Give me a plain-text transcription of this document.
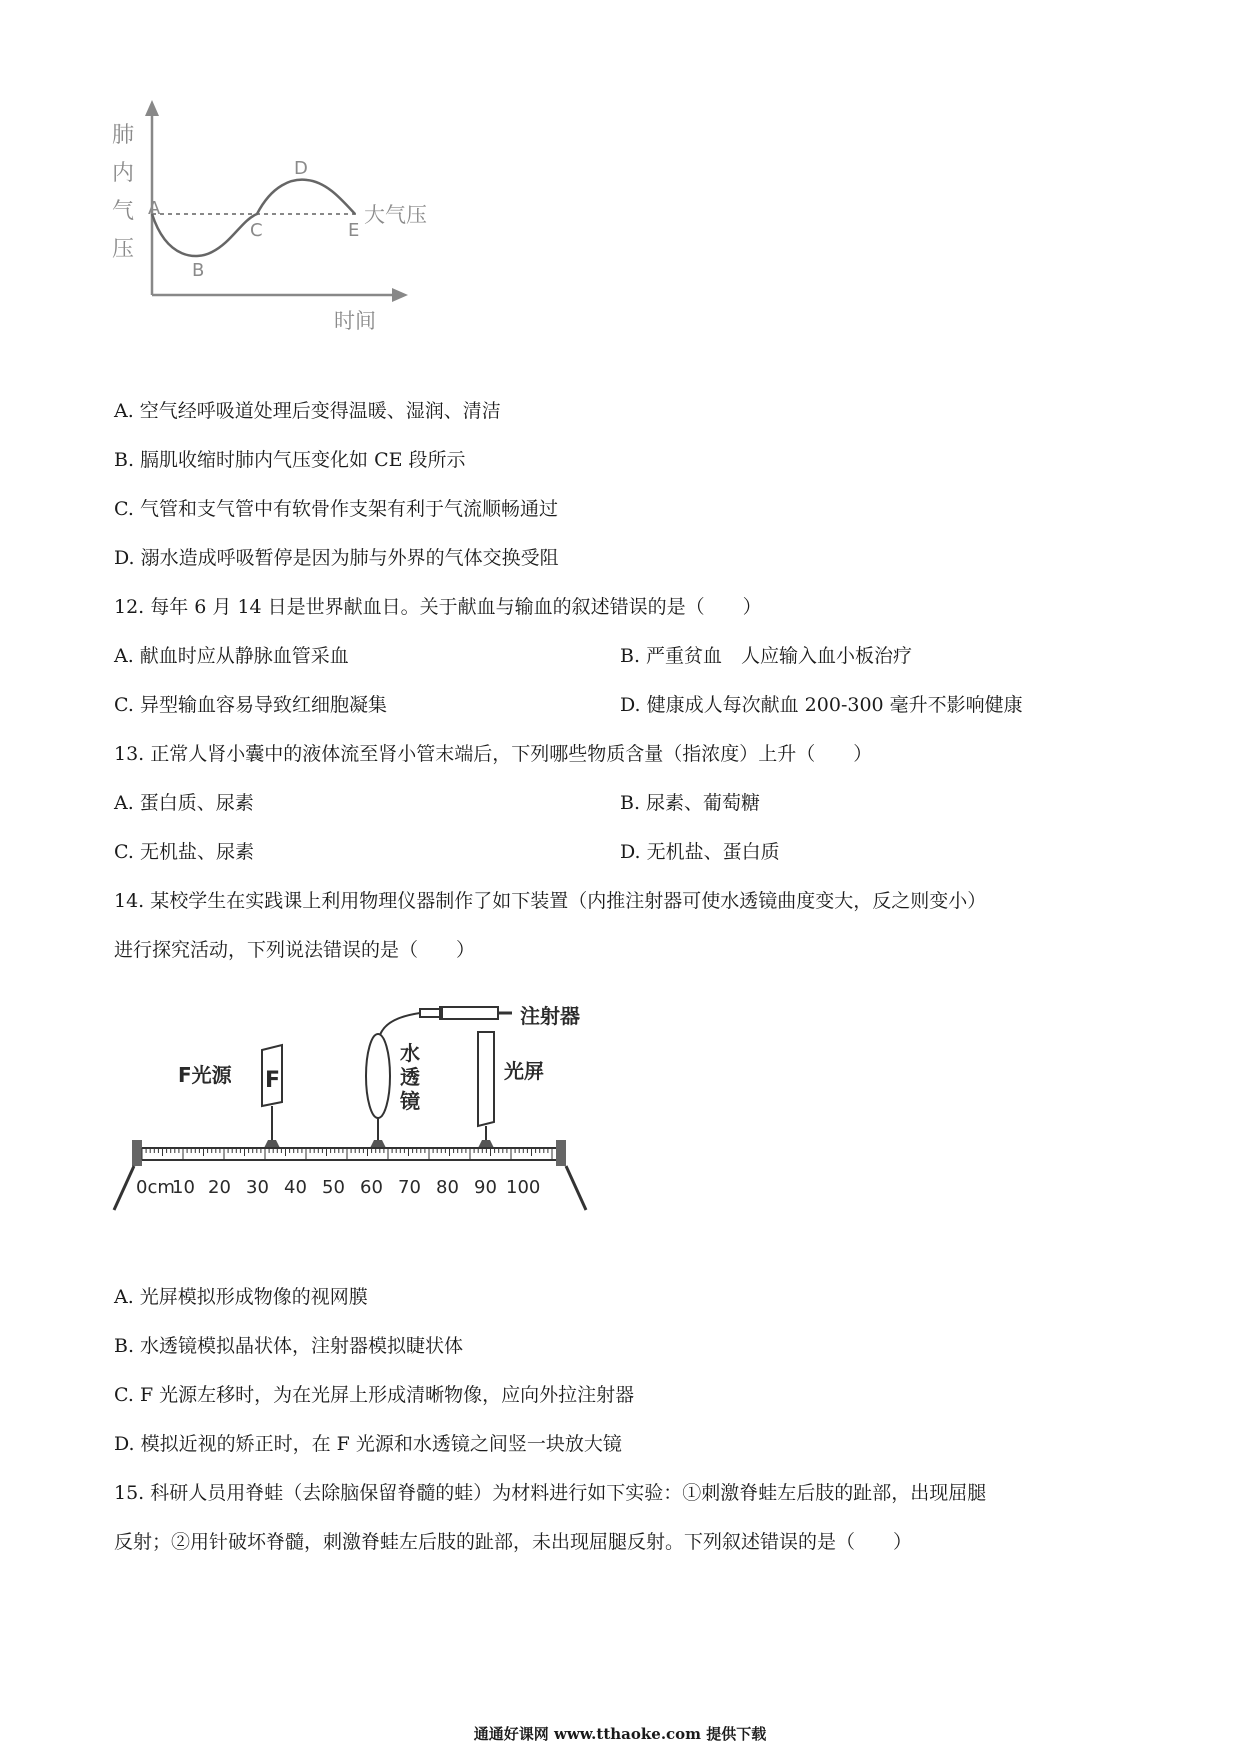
肺
内
气
压
A
B
C
D
E
大气压
时间
A. 空气经呼吸道处理后变得温暖、湿润、清洁
B. 膈肌收缩时肺内气压变化如 CE 段所示
C. 气管和支气管中有软骨作支架有利于气流顺畅通过
D. 溺水造成呼吸暂停是因为肺与外界的气体交换受阻
12. 每年 6 月 14 日是世界献血日。关于献血与输血的叙述错误的是（　　）
A. 献血时应从静脉血管采血	B. 严重贫血　人应输入血小板治疗
C. 异型输血容易导致红细胞凝集	D. 健康成人每次献血 200-300 毫升不影响健康
13. 正常人肾小囊中的液体流至肾小管末端后，下列哪些物质含量（指浓度）上升（　　）
A. 蛋白质、尿素	B. 尿素、葡萄糖
C. 无机盐、尿素	D. 无机盐、蛋白质
14. 某校学生在实践课上利用物理仪器制作了如下装置（内推注射器可使水透镜曲度变大，反之则变小）
进行探究活动，下列说法错误的是（　　）
注射器
F
F光源
水
透
镜
光屏
0cm
10 20 30 40 50 60 70 80 90 100
A. 光屏模拟形成物像的视网膜
B. 水透镜模拟晶状体，注射器模拟睫状体
C. F 光源左移时，为在光屏上形成清晰物像，应向外拉注射器
D. 模拟近视的矫正时，在 F 光源和水透镜之间竖一块放大镜
15. 科研人员用脊蛙（去除脑保留脊髓的蛙）为材料进行如下实验：①刺激脊蛙左后肢的趾部，出现屈腿
反射；②用针破坏脊髓，刺激脊蛙左后肢的趾部，未出现屈腿反射。下列叙述错误的是（　　）
通通好课网 www.tthaoke.com 提供下载
